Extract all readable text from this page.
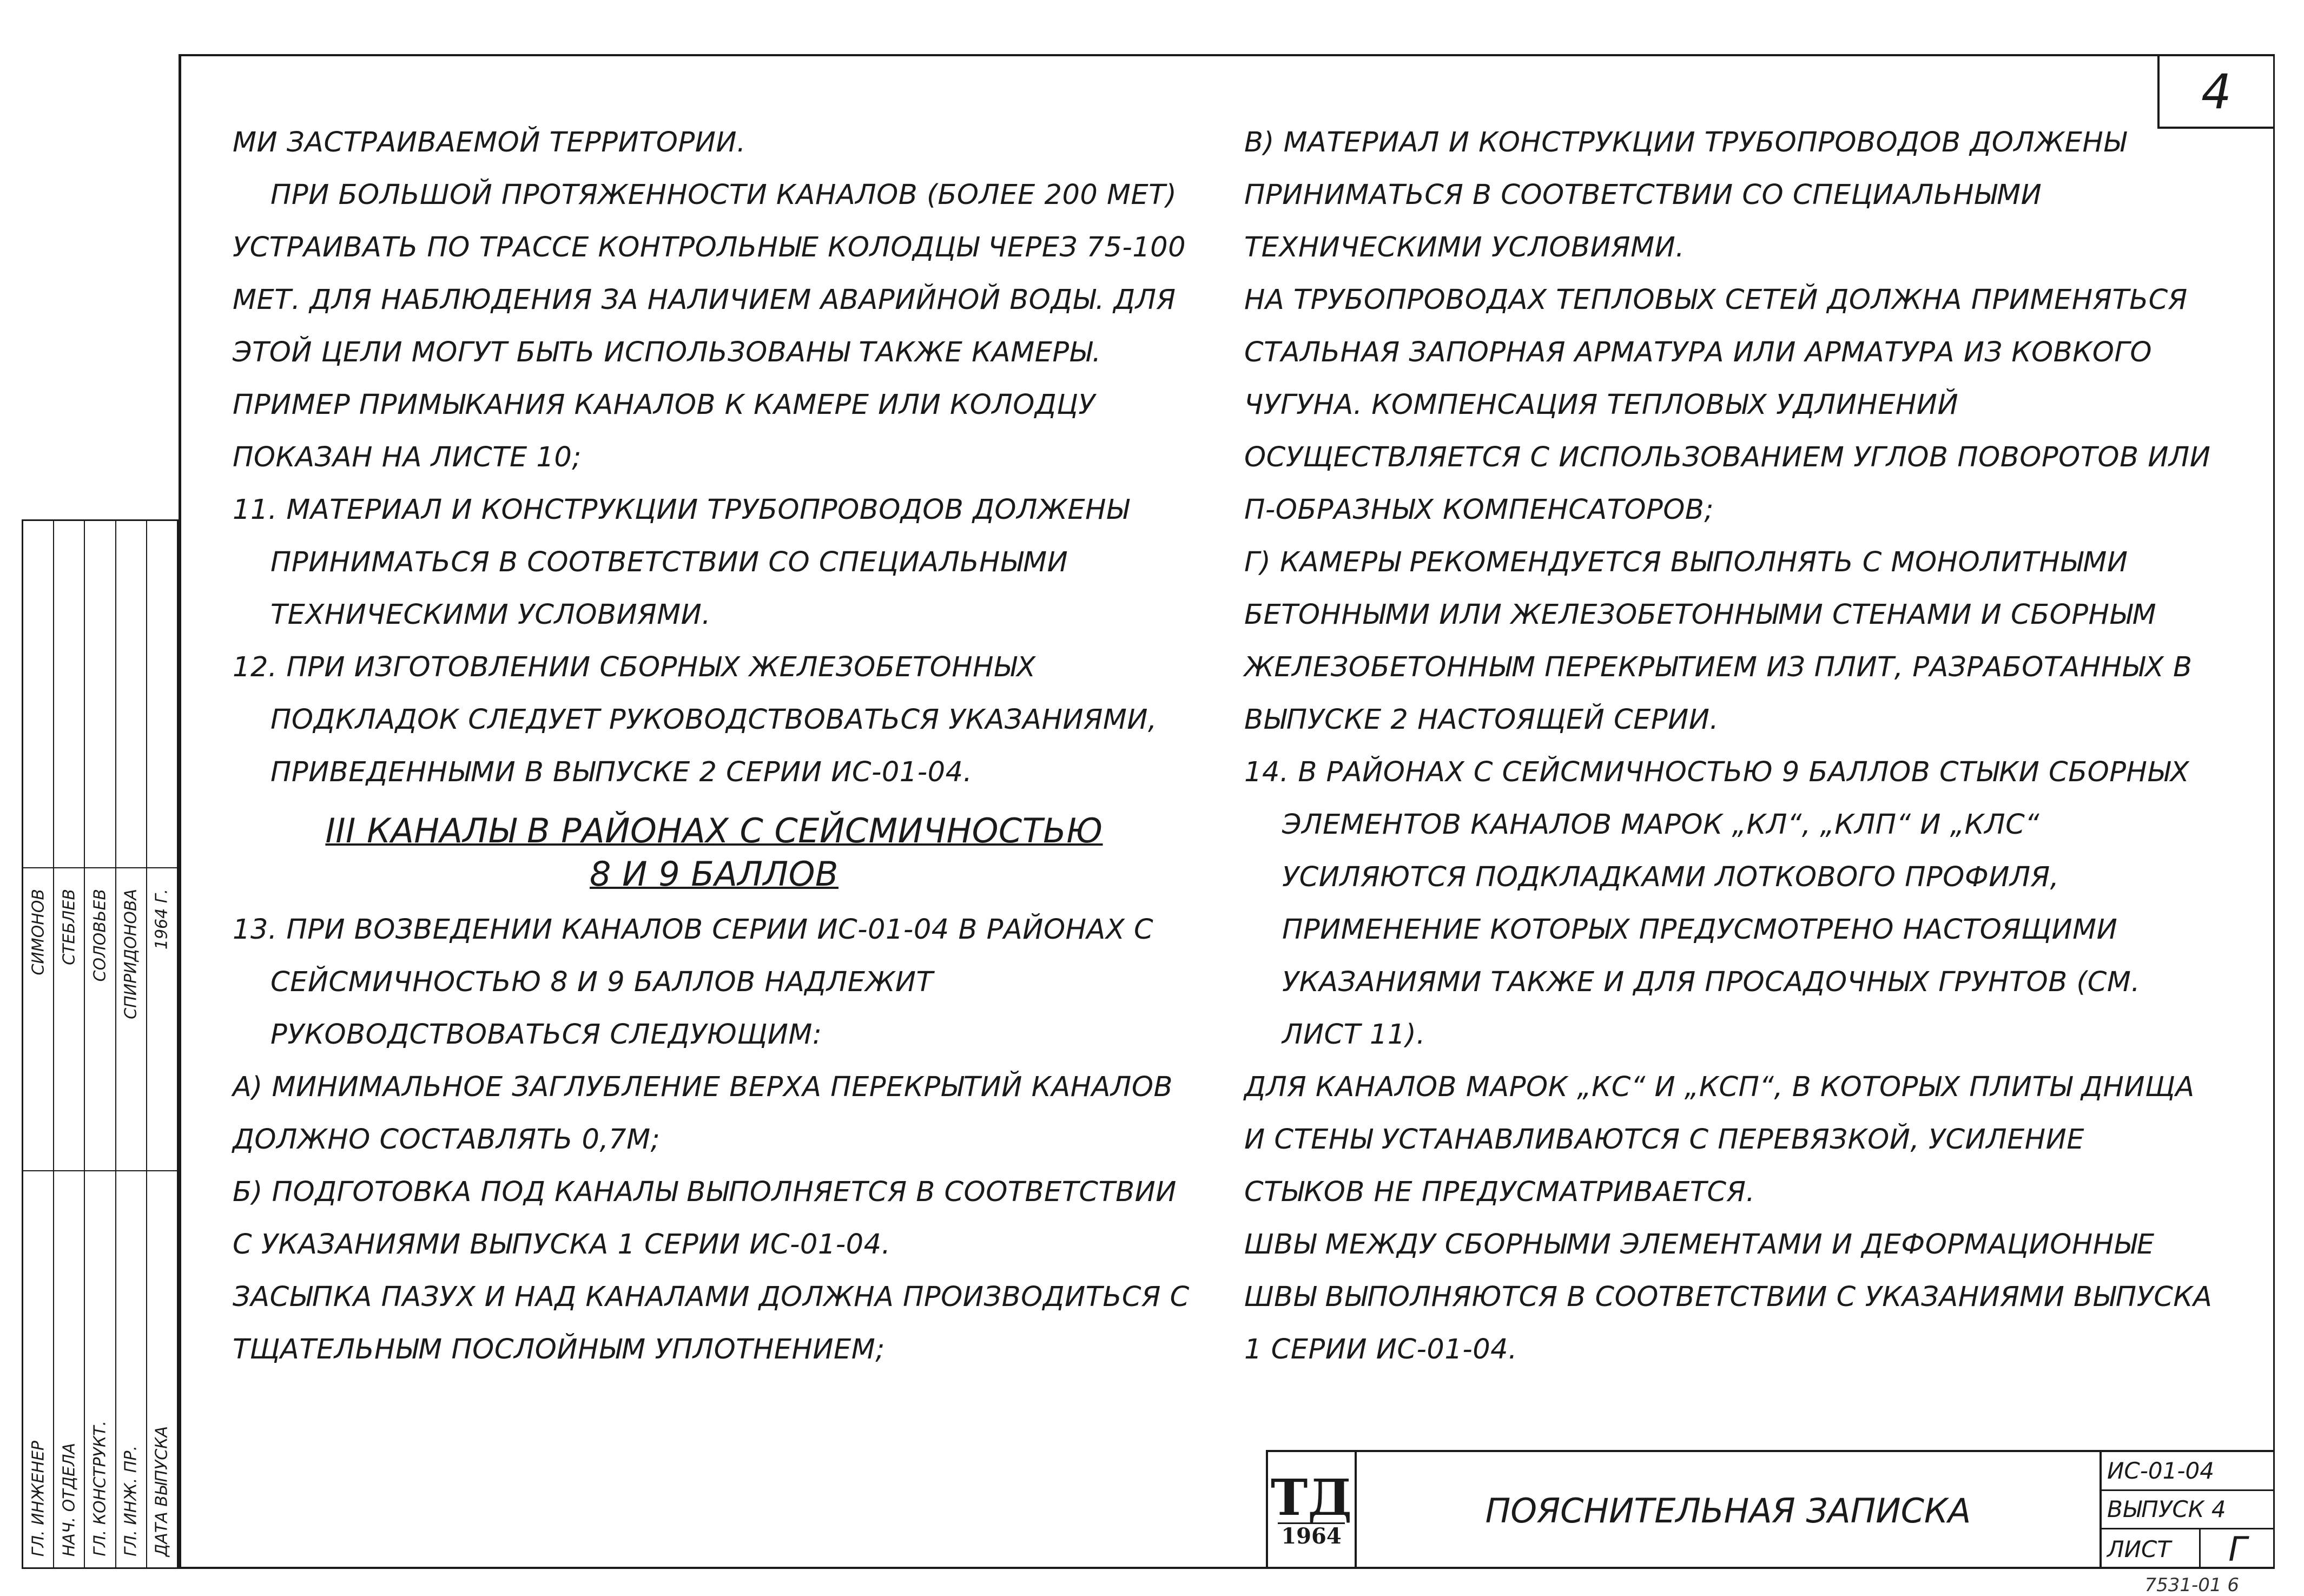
4

МИ ЗАСТРАИВАЕМОЙ ТЕРРИТОРИИ.

ПРИ БОЛЬШОЙ ПРОТЯЖЕННОСТИ КАНАЛОВ (БОЛЕЕ 200 МЕТ) УСТРАИВАТЬ ПО ТРАССЕ КОНТРОЛЬНЫЕ КОЛОДЦЫ ЧЕРЕЗ 75-100 МЕТ. ДЛЯ НАБЛЮДЕНИЯ ЗА НАЛИЧИЕМ АВАРИЙНОЙ ВОДЫ. ДЛЯ ЭТОЙ ЦЕЛИ МОГУТ БЫТЬ ИСПОЛЬЗОВАНЫ ТАКЖЕ КАМЕРЫ.

ПРИМЕР ПРИМЫКАНИЯ КАНАЛОВ К КАМЕРЕ ИЛИ КОЛОДЦУ ПОКАЗАН НА ЛИСТЕ 10;

11. МАТЕРИАЛ И КОНСТРУКЦИИ ТРУБОПРОВОДОВ ДОЛЖЕНЫ ПРИНИМАТЬСЯ В СООТВЕТСТВИИ СО СПЕЦИАЛЬНЫМИ ТЕХНИЧЕСКИМИ УСЛОВИЯМИ.

12. ПРИ ИЗГОТОВЛЕНИИ СБОРНЫХ ЖЕЛЕЗОБЕТОННЫХ ПОДКЛАДОК СЛЕДУЕТ РУКОВОДСТВОВАТЬСЯ УКАЗАНИЯМИ, ПРИВЕДЕННЫМИ В ВЫПУСКЕ 2 СЕРИИ ИС-01-04.

III КАНАЛЫ В РАЙОНАХ С СЕЙСМИЧНОСТЬЮ
8 И 9 БАЛЛОВ

13. ПРИ ВОЗВЕДЕНИИ КАНАЛОВ СЕРИИ ИС-01-04 В РАЙОНАХ С СЕЙСМИЧНОСТЬЮ 8 И 9 БАЛЛОВ НАДЛЕЖИТ РУКОВОДСТВОВАТЬСЯ СЛЕДУЮЩИМ:

А) МИНИМАЛЬНОЕ ЗАГЛУБЛЕНИЕ ВЕРХА ПЕРЕКРЫТИЙ КАНАЛОВ ДОЛЖНО СОСТАВЛЯТЬ 0,7М;

Б) ПОДГОТОВКА ПОД КАНАЛЫ ВЫПОЛНЯЕТСЯ В СООТВЕТСТВИИ С УКАЗАНИЯМИ ВЫПУСКА 1 СЕРИИ ИС-01-04.

ЗАСЫПКА ПАЗУХ И НАД КАНАЛАМИ ДОЛЖНА ПРОИЗВОДИТЬСЯ С ТЩАТЕЛЬНЫМ ПОСЛОЙНЫМ УПЛОТНЕНИЕМ;

В) МАТЕРИАЛ И КОНСТРУКЦИИ ТРУБОПРОВОДОВ ДОЛЖЕНЫ ПРИНИМАТЬСЯ В СООТВЕТСТВИИ СО СПЕЦИАЛЬНЫМИ ТЕХНИЧЕСКИМИ УСЛОВИЯМИ.

НА ТРУБОПРОВОДАХ ТЕПЛОВЫХ СЕТЕЙ ДОЛЖНА ПРИМЕНЯТЬСЯ СТАЛЬНАЯ ЗАПОРНАЯ АРМАТУРА ИЛИ АРМАТУРА ИЗ КОВКОГО ЧУГУНА. КОМПЕНСАЦИЯ ТЕПЛОВЫХ УДЛИНЕНИЙ ОСУЩЕСТВЛЯЕТСЯ С ИСПОЛЬЗОВАНИЕМ УГЛОВ ПОВОРОТОВ ИЛИ П-ОБРАЗНЫХ КОМПЕНСАТОРОВ;

Г) КАМЕРЫ РЕКОМЕНДУЕТСЯ ВЫПОЛНЯТЬ С МОНОЛИТНЫМИ БЕТОННЫМИ ИЛИ ЖЕЛЕЗОБЕТОННЫМИ СТЕНАМИ И СБОРНЫМ ЖЕЛЕЗОБЕТОННЫМ ПЕРЕКРЫТИЕМ ИЗ ПЛИТ, РАЗРАБОТАННЫХ В ВЫПУСКЕ 2 НАСТОЯЩЕЙ СЕРИИ.

14. В РАЙОНАХ С СЕЙСМИЧНОСТЬЮ 9 БАЛЛОВ СТЫКИ СБОРНЫХ ЭЛЕМЕНТОВ КАНАЛОВ МАРОК „КЛ“, „КЛП“ И „КЛС“ УСИЛЯЮТСЯ ПОДКЛАДКАМИ ЛОТКОВОГО ПРОФИЛЯ, ПРИМЕНЕНИЕ КОТОРЫХ ПРЕДУСМОТРЕНО НАСТОЯЩИМИ УКАЗАНИЯМИ ТАКЖЕ И ДЛЯ ПРОСАДОЧНЫХ ГРУНТОВ (СМ. ЛИСТ 11).

ДЛЯ КАНАЛОВ МАРОК „КС“ И „КСП“, В КОТОРЫХ ПЛИТЫ ДНИЩА И СТЕНЫ УСТАНАВЛИВАЮТСЯ С ПЕРЕВЯЗКОЙ, УСИЛЕНИЕ СТЫКОВ НЕ ПРЕДУСМАТРИВАЕТСЯ.

ШВЫ МЕЖДУ СБОРНЫМИ ЭЛЕМЕНТАМИ И ДЕФОРМАЦИОННЫЕ ШВЫ ВЫПОЛНЯЮТСЯ В СООТВЕТСТВИИ С УКАЗАНИЯМИ ВЫПУСКА 1 СЕРИИ ИС-01-04.

ГЛ. ИНЖЕНЕР НАЧ. ОТДЕЛА ГЛ. КОНСТРУКТ. ГЛ. ИНЖ. ПР. ДАТА ВЫПУСКА
СИМОНОВ СТЕБЛЕВ СОЛОВЬЕВ СПИРИДОНОВА 1964 Г.
ТД
1964
ПОЯСНИТЕЛЬНАЯ ЗАПИСКА
ИС-01-04
ВЫПУСК 4
ЛИСТ	Г
7531-01 6
